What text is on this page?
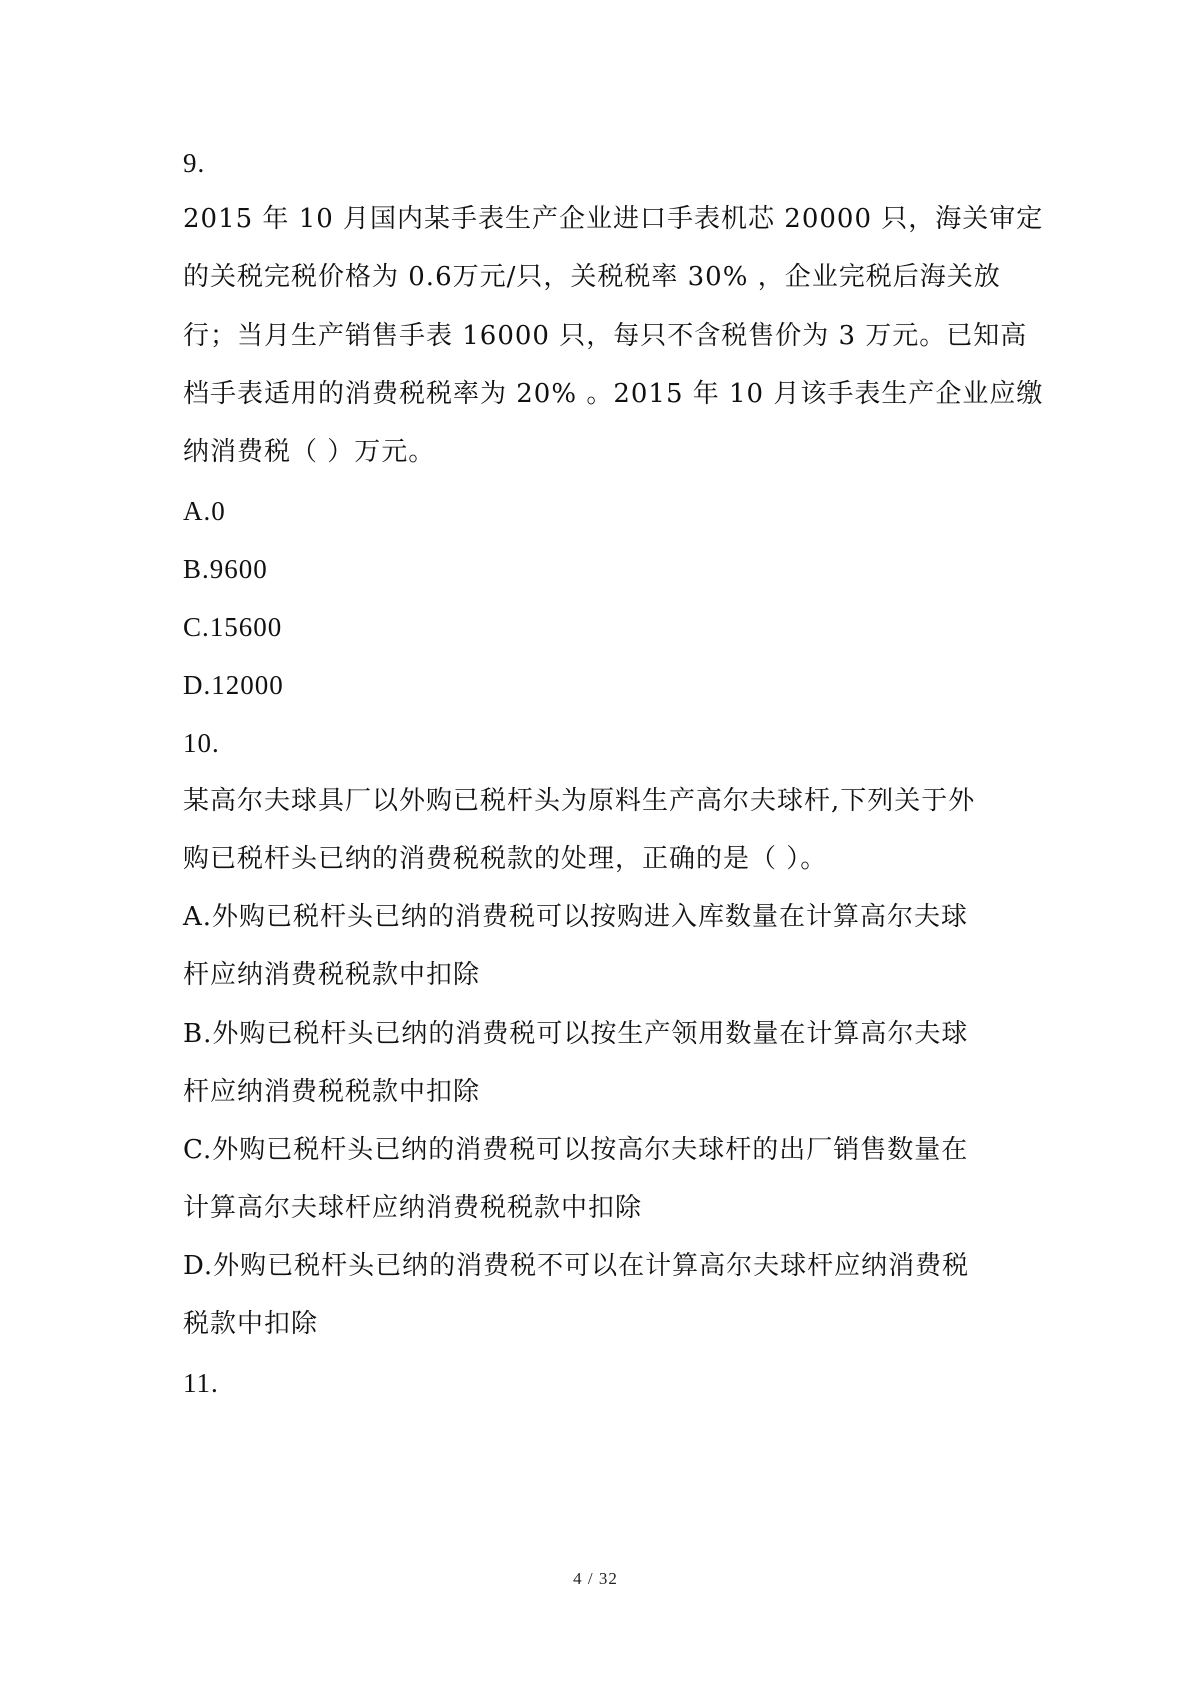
9.
2015 年 10 月国内某手表生产企业进口手表机芯 20000 只，海关审定
的关税完税价格为 0.6万元/只，关税税率 30% ，企业完税后海关放
行；当月生产销售手表 16000 只，每只不含税售价为 3 万元。已知高
档手表适用的消费税税率为 20% 。2015 年 10 月该手表生产企业应缴
纳消费税（ ）万元。
A.0
B.9600
C.15600
D.12000
10.
某高尔夫球具厂以外购已税杆头为原料生产高尔夫球杆,下列关于外
购已税杆头已纳的消费税税款的处理，正确的是（ ）。
A.外购已税杆头已纳的消费税可以按购进入库数量在计算高尔夫球
杆应纳消费税税款中扣除
B.外购已税杆头已纳的消费税可以按生产领用数量在计算高尔夫球
杆应纳消费税税款中扣除
C.外购已税杆头已纳的消费税可以按高尔夫球杆的出厂销售数量在
计算高尔夫球杆应纳消费税税款中扣除
D.外购已税杆头已纳的消费税不可以在计算高尔夫球杆应纳消费税
税款中扣除
11.
4 / 32
